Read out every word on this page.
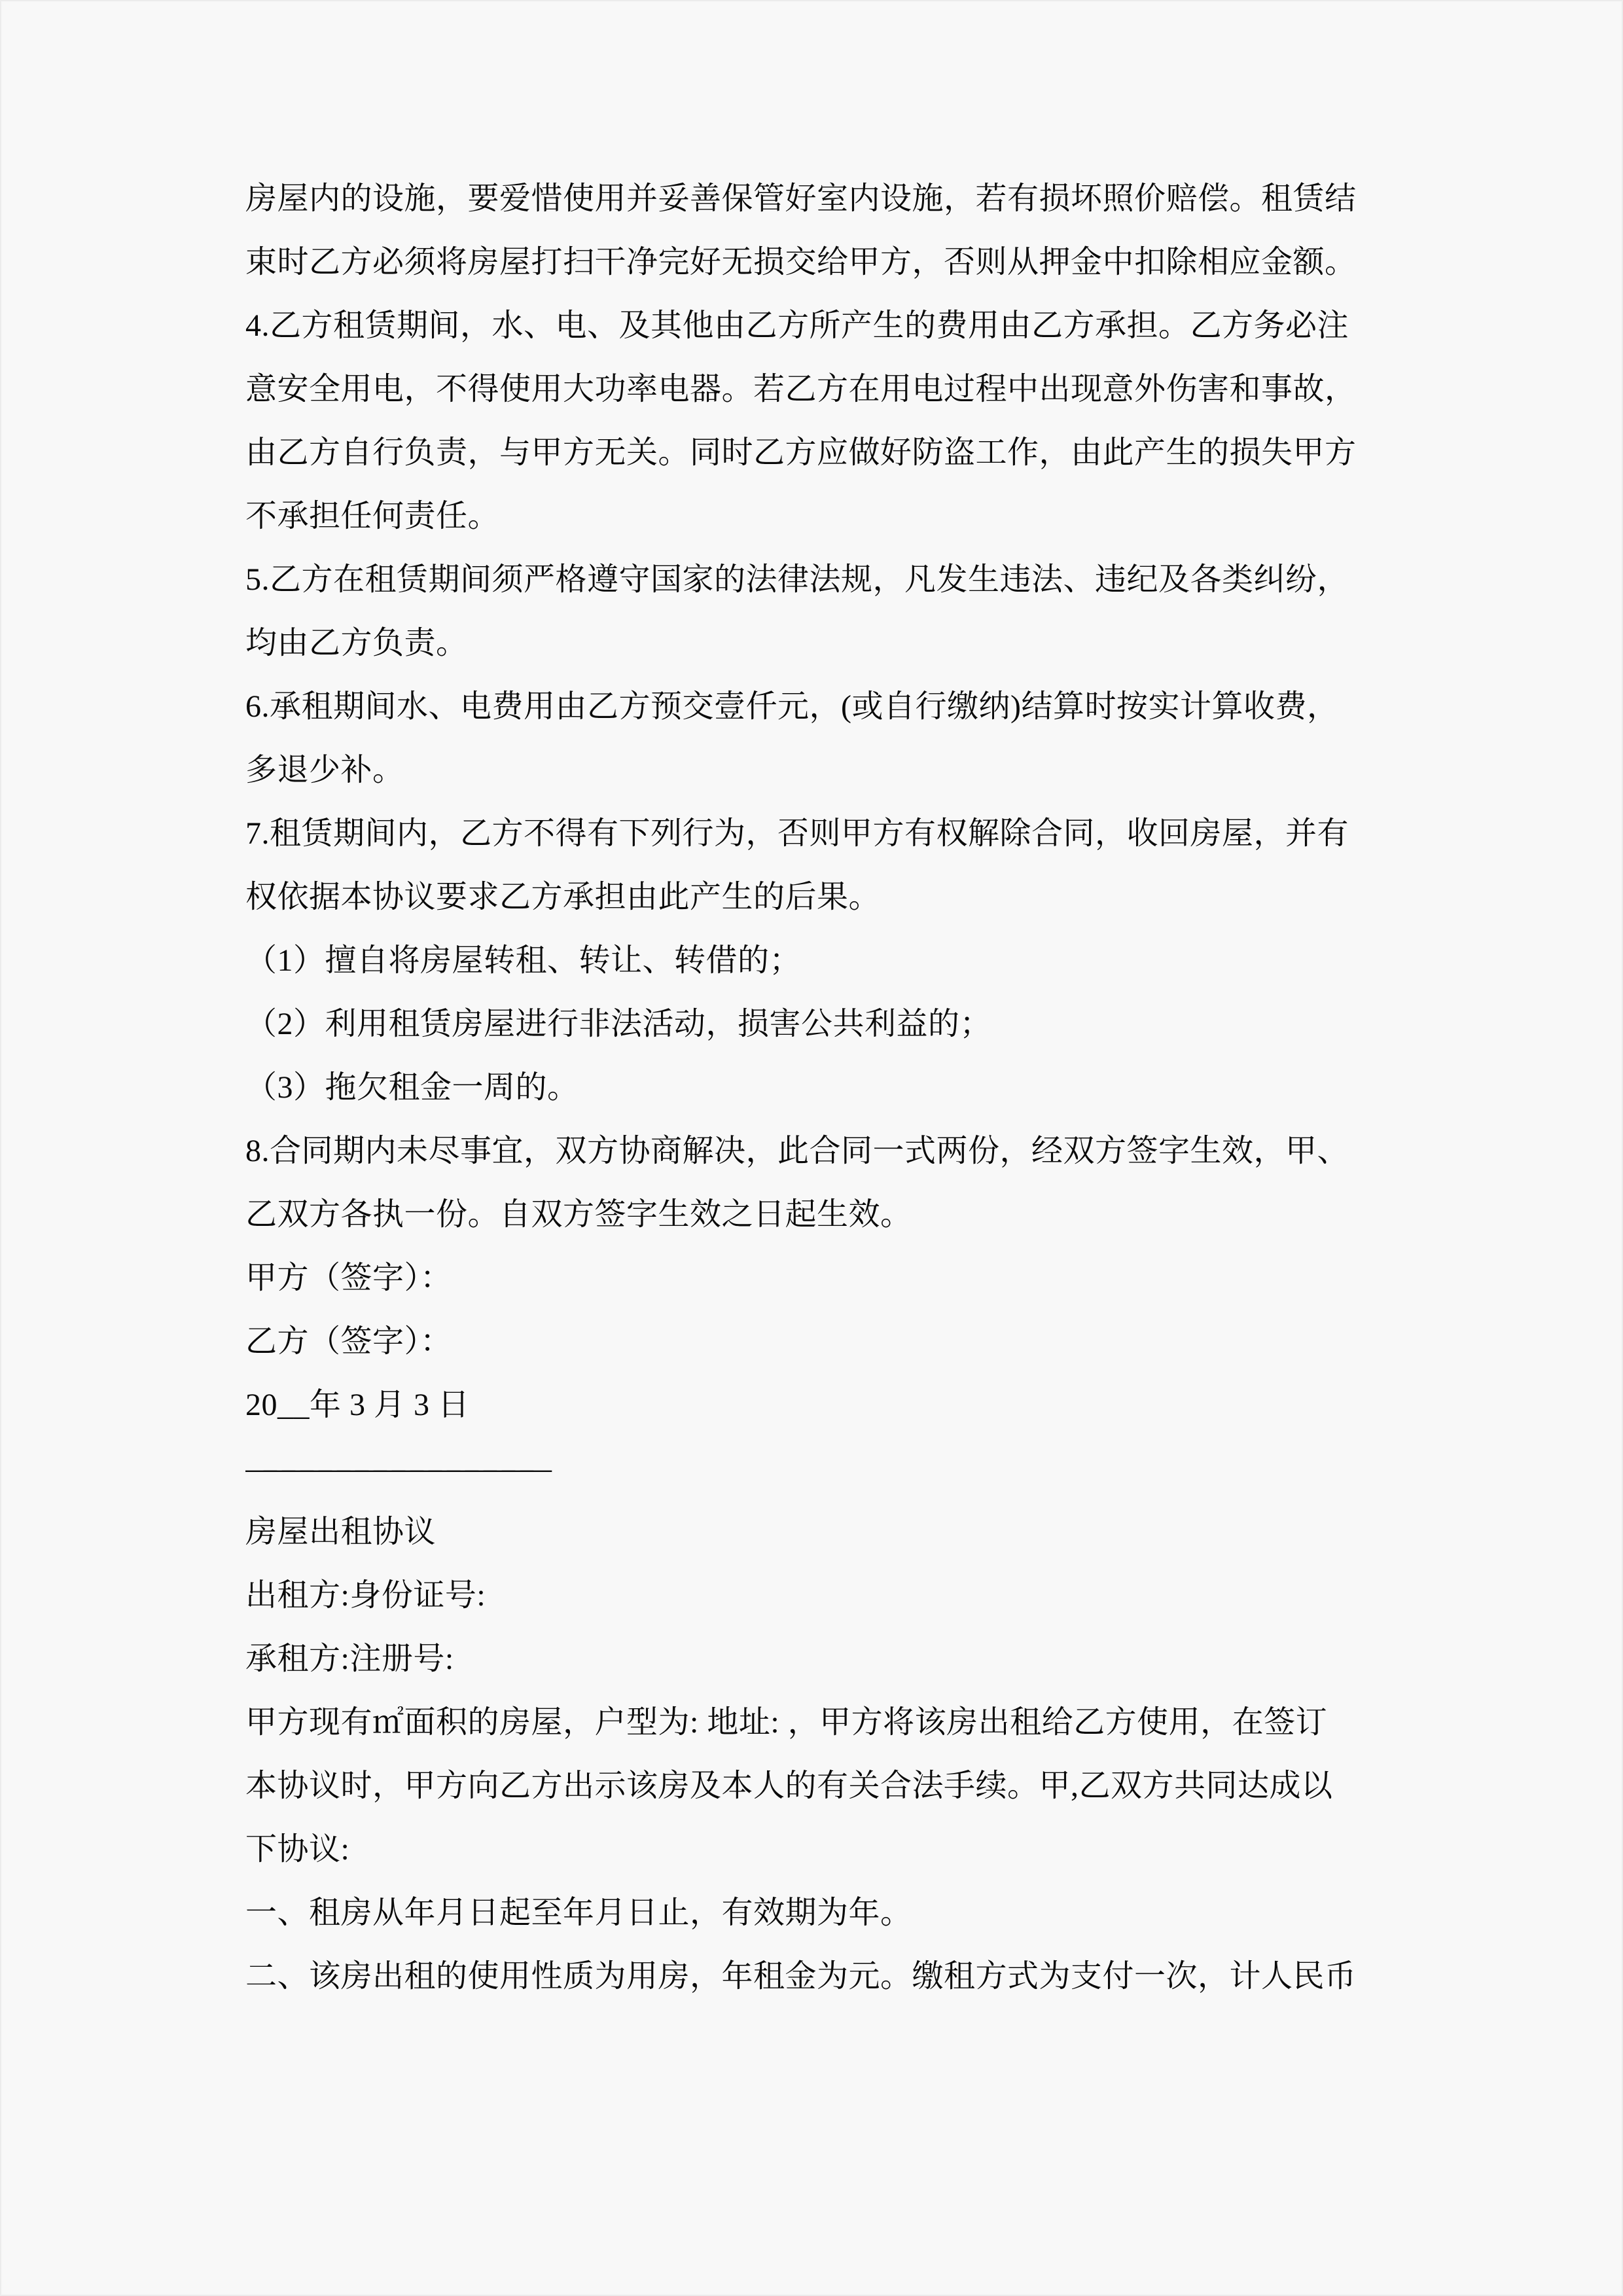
房屋内的设施，要爱惜使用并妥善保管好室内设施，若有损坏照价赔偿。租赁结
束时乙方必须将房屋打扫干净完好无损交给甲方，否则从押金中扣除相应金额。
4.乙方租赁期间，水、电、及其他由乙方所产生的费用由乙方承担。乙方务必注
意安全用电，不得使用大功率电器。若乙方在用电过程中出现意外伤害和事故，
由乙方自行负责，与甲方无关。同时乙方应做好防盗工作，由此产生的损失甲方
不承担任何责任。
5.乙方在租赁期间须严格遵守国家的法律法规，凡发生违法、违纪及各类纠纷，
均由乙方负责。
6.承租期间水、电费用由乙方预交壹仟元，(或自行缴纳)结算时按实计算收费，
多退少补。
7.租赁期间内，乙方不得有下列行为，否则甲方有权解除合同，收回房屋，并有
权依据本协议要求乙方承担由此产生的后果。
（1）擅自将房屋转租、转让、转借的；
（2）利用租赁房屋进行非法活动，损害公共利益的；
（3）拖欠租金一周的。
8.合同期内未尽事宜，双方协商解决，此合同一式两份，经双方签字生效，甲、
乙双方各执一份。自双方签字生效之日起生效。
甲方（签字）：
乙方（签字）：
20__年 3 月 3 日
————————————————
房屋出租协议
出租方:身份证号:
承租方:注册号:
甲方现有㎡面积的房屋，户型为: 地址: ，甲方将该房出租给乙方使用，在签订
本协议时，甲方向乙方出示该房及本人的有关合法手续。甲,乙双方共同达成以
下协议:
一、租房从年月日起至年月日止，有效期为年。
二、该房出租的使用性质为用房，年租金为元。缴租方式为支付一次，计人民币
